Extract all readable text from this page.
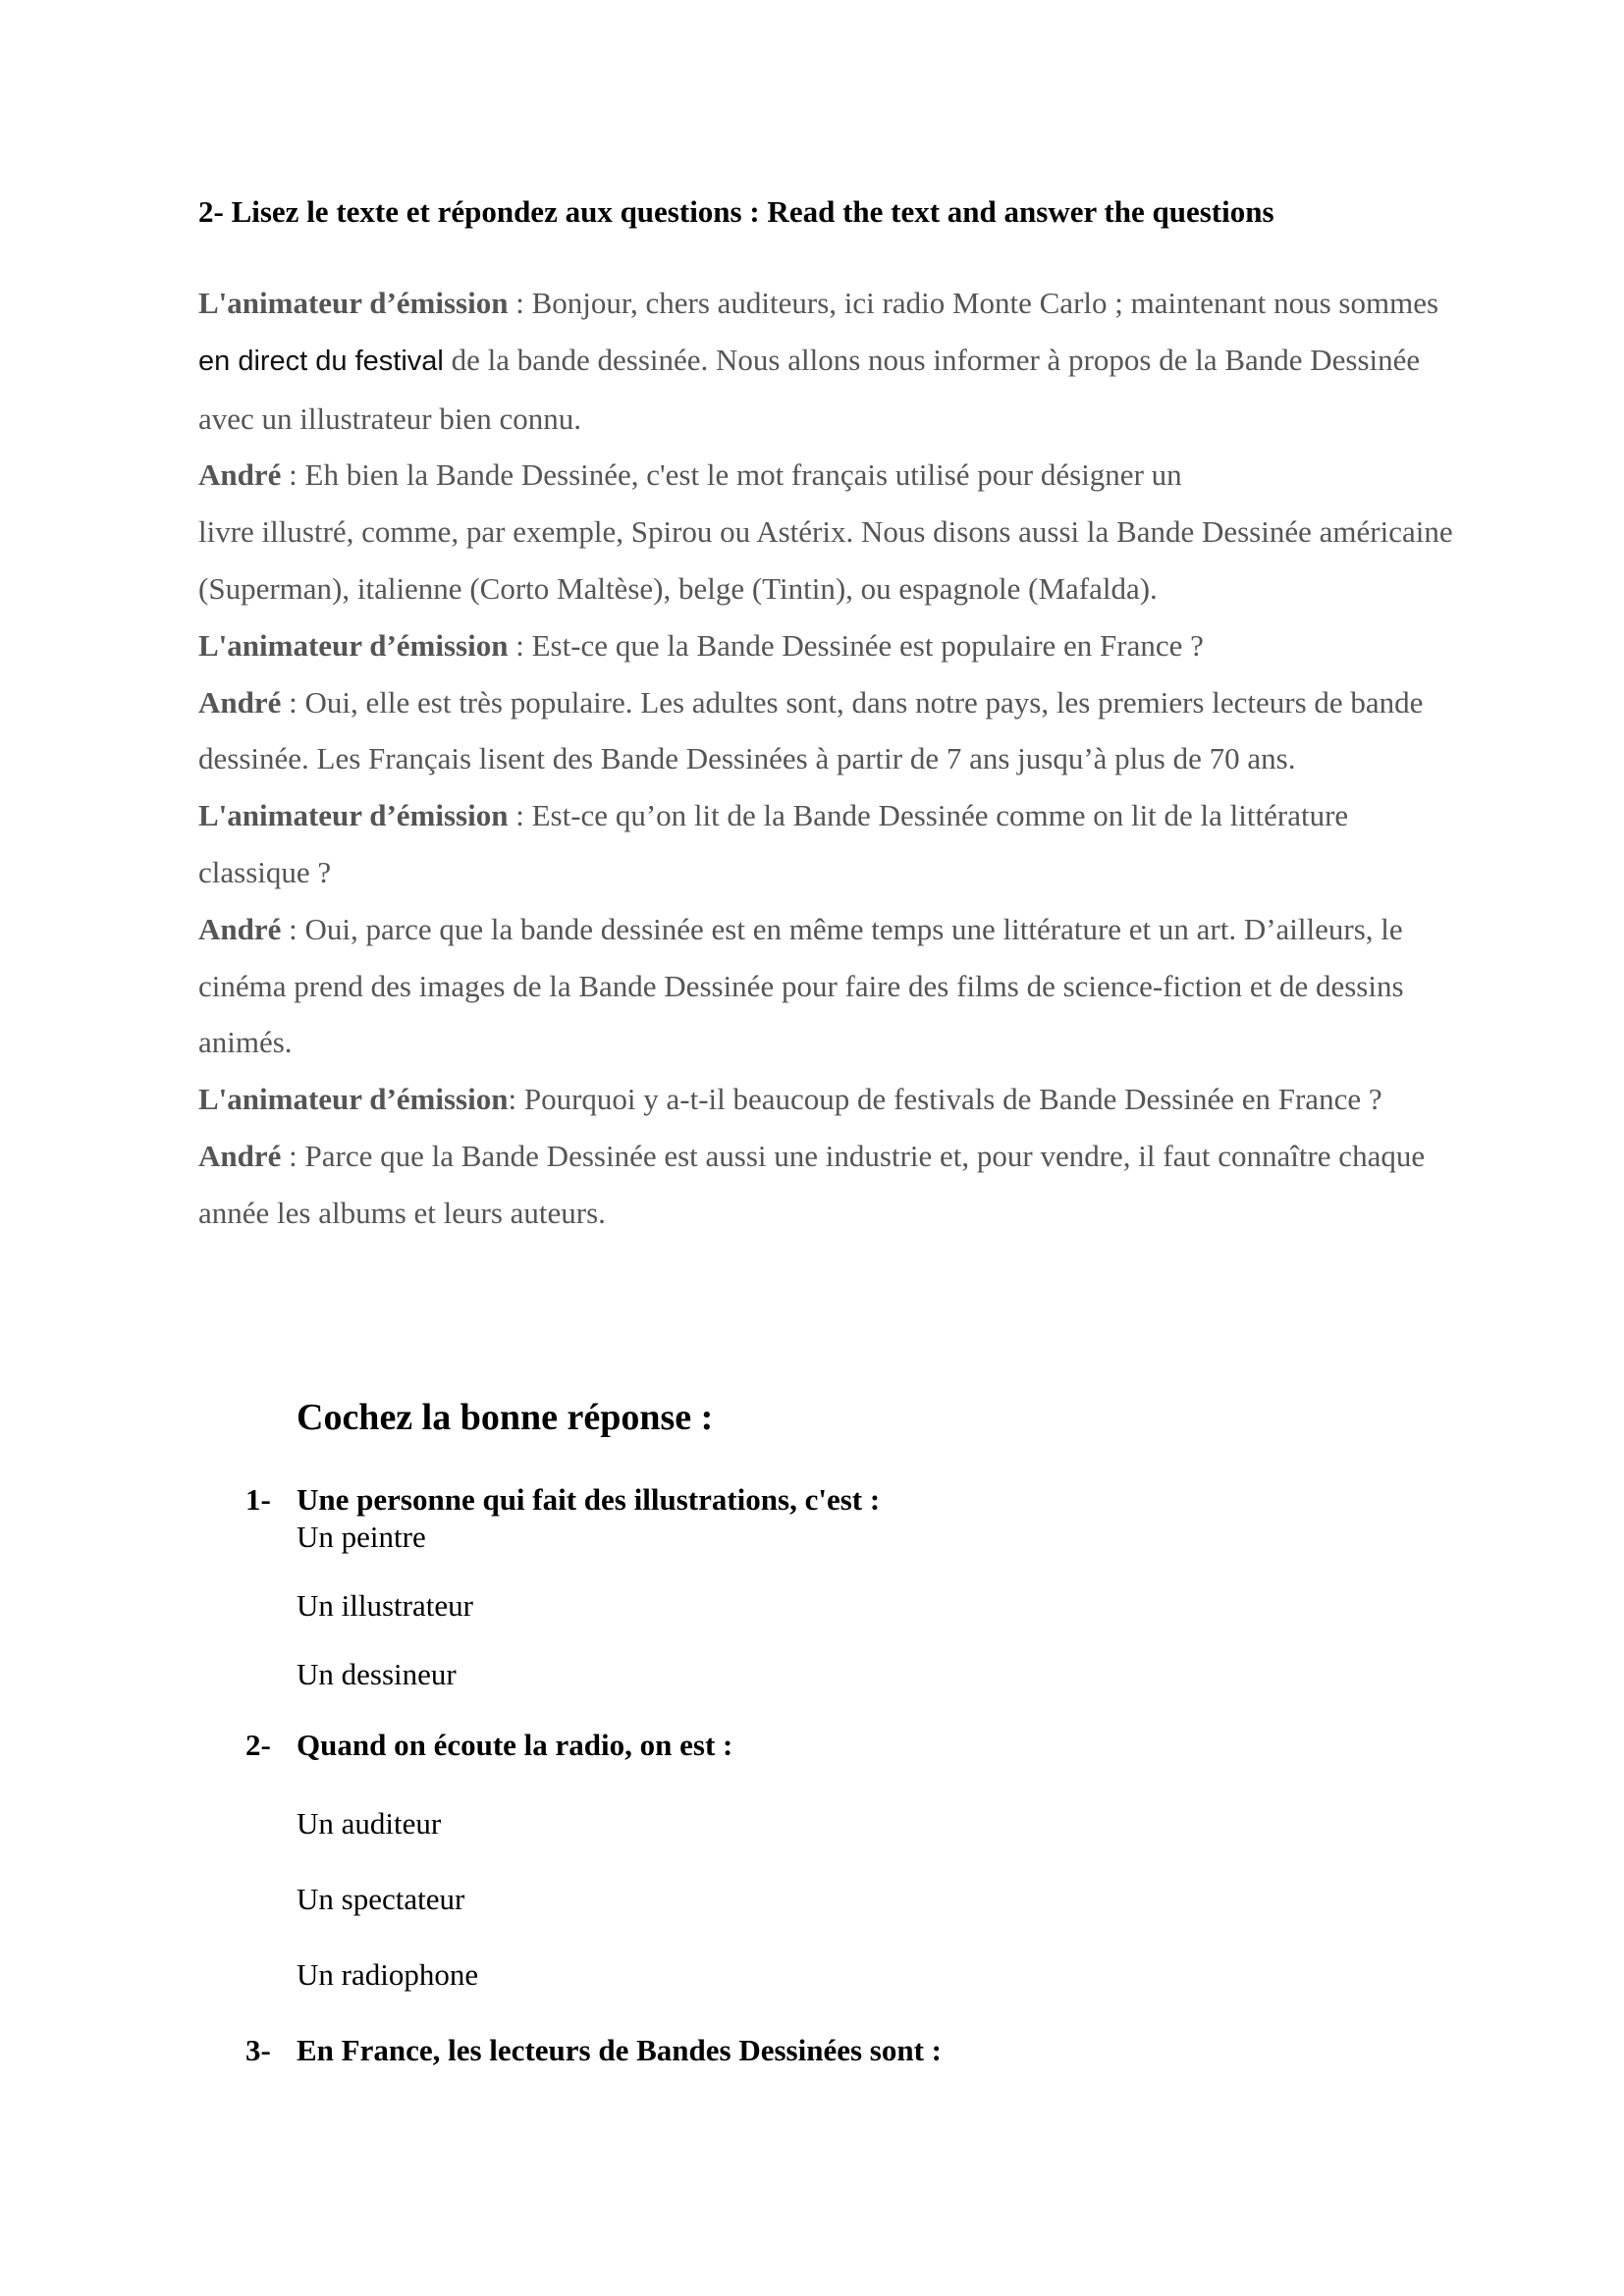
2- Lisez le texte et répondez aux questions : Read the text and answer the questions

L'animateur d’émission : Bonjour, chers auditeurs, ici radio Monte Carlo ; maintenant nous sommes en direct du festival de la bande dessinée. Nous allons nous informer à propos de la Bande Dessinée avec un illustrateur bien connu.

André : Eh bien la Bande Dessinée, c'est le mot français utilisé pour désigner un
livre illustré, comme, par exemple, Spirou ou Astérix. Nous disons aussi la Bande Dessinée américaine (Superman), italienne (Corto Maltèse), belge (Tintin), ou espagnole (Mafalda).

L'animateur d’émission : Est-ce que la Bande Dessinée est populaire en France ?

André : Oui, elle est très populaire. Les adultes sont, dans notre pays, les premiers lecteurs de bande dessinée. Les Français lisent des Bande Dessinées à partir de 7 ans jusqu’à plus de 70 ans.

L'animateur d’émission : Est-ce qu’on lit de la Bande Dessinée comme on lit de la littérature classique ?

André : Oui, parce que la bande dessinée est en même temps une littérature et un art. D’ailleurs, le cinéma prend des images de la Bande Dessinée pour faire des films de science-fiction et de dessins animés.

L'animateur d’émission: Pourquoi y a-t-il beaucoup de festivals de Bande Dessinée en France ?

André : Parce que la Bande Dessinée est aussi une industrie et, pour vendre, il faut connaître chaque année les albums et leurs auteurs.

Cochez la bonne réponse :
1- Une personne qui fait des illustrations, c'est :
Un peintre
Un illustrateur
Un dessineur
2- Quand on écoute la radio, on est :
Un auditeur
Un spectateur
Un radiophone
3- En France, les lecteurs de Bandes Dessinées sont :
